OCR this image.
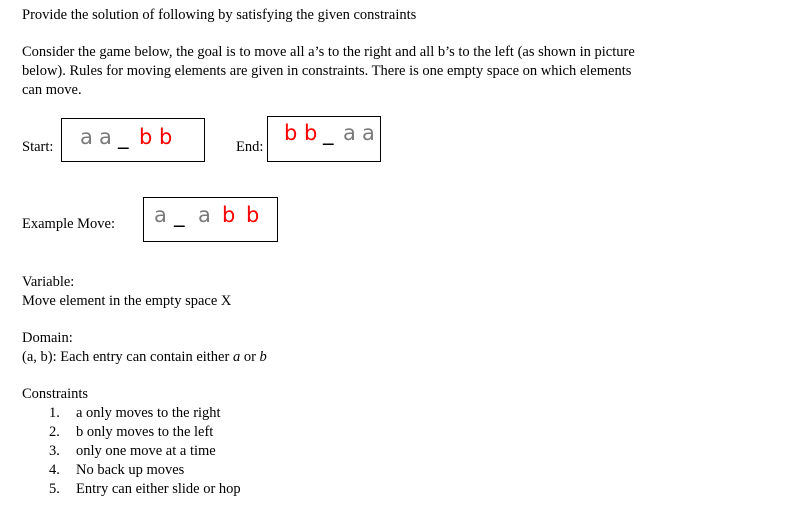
Provide the solution of following by satisfying the given constraints
Consider the game below, the goal is to move all a’s to the right and all b’s to the left (as shown in picture
below). Rules for moving elements are given in constraints. There is one empty space on which elements
can move.
Start: a a _ b b	End:
b b _ a a
Example Move: a _ a b b
Variable:
Move element in the empty space X
Domain:
(a, b): Each entry can contain either a or b
Constraints
1. a only moves to the right
2. b only moves to the left
3. only one move at a time
4. No back up moves
5. Entry can either slide or hop
